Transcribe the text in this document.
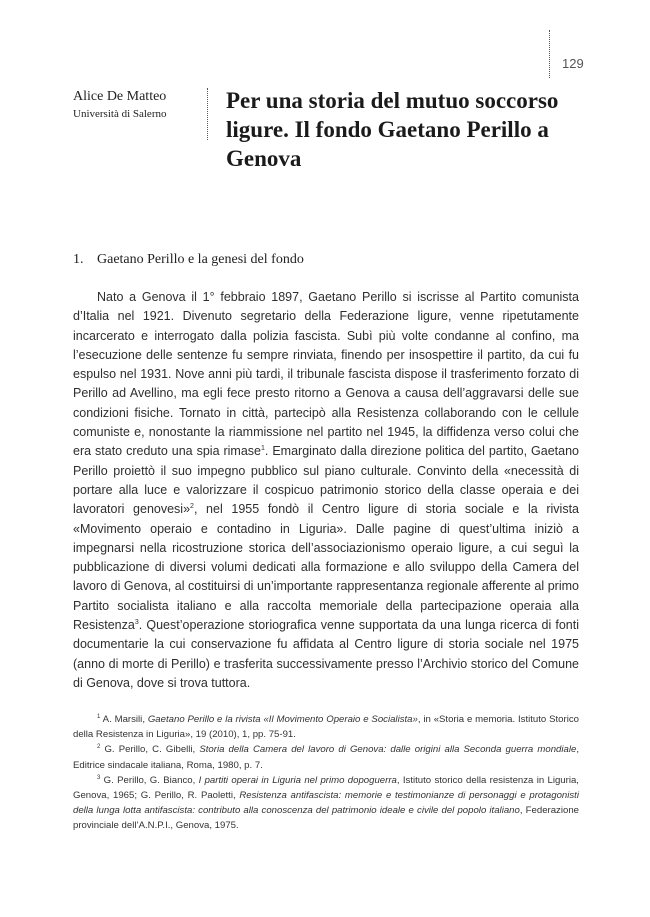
129
Alice De Matteo
Università di Salerno
Per una storia del mutuo soccorso ligure. Il fondo Gaetano Perillo a Genova
1. Gaetano Perillo e la genesi del fondo

Nato a Genova il 1° febbraio 1897, Gaetano Perillo si iscrisse al Partito comunista d’Italia nel 1921. Divenuto segretario della Federazione ligure, venne ripetutamente incarcerato e interrogato dalla polizia fascista. Subì più volte condanne al confino, ma l’esecuzione delle sentenze fu sempre rinviata, finendo per insospettire il partito, da cui fu espulso nel 1931. Nove anni più tardi, il tribunale fascista dispose il trasferimento forzato di Perillo ad Avellino, ma egli fece presto ritorno a Genova a causa dell’aggravarsi delle sue condizioni fisiche. Tornato in città, partecipò alla Resistenza collaborando con le cellule comuniste e, nonostante la riammissione nel partito nel 1945, la diffidenza verso colui che era stato creduto una spia rimase$^1$. Emarginato dalla direzione politica del partito, Gaetano Perillo proiettò il suo impegno pubblico sul piano culturale. Convinto della «necessità di portare alla luce e valorizzare il cospicuo patrimonio storico della classe operaia e dei lavoratori genovesi»$^2$, nel 1955 fondò il Centro ligure di storia sociale e la rivista «Movimento operaio e contadino in Liguria». Dalle pagine di quest’ultima iniziò a impegnarsi nella ricostruzione storica dell’associazionismo operaio ligure, a cui seguì la pubblicazione di diversi volumi dedicati alla formazione e allo sviluppo della Camera del lavoro di Genova, al costituirsi di un’importante rappresentanza regionale afferente al primo Partito socialista italiano e alla raccolta memoriale della partecipazione operaia alla Resistenza$^3$. Quest’operazione storiografica venne supportata da una lunga ricerca di fonti documentarie la cui conservazione fu affidata al Centro ligure di storia sociale nel 1975 (anno di morte di Perillo) e trasferita successivamente presso l’Archivio storico del Comune di Genova, dove si trova tuttora.

$^1$ A. Marsili, Gaetano Perillo e la rivista «Il Movimento Operaio e Socialista», in «Storia e memoria. Istituto Storico della Resistenza in Liguria», 19 (2010), 1, pp. 75-91.

$^2$ G. Perillo, C. Gibelli, Storia della Camera del lavoro di Genova: dalle origini alla Seconda guerra mondiale, Editrice sindacale italiana, Roma, 1980, p. 7.

$^3$ G. Perillo, G. Bianco, I partiti operai in Liguria nel primo dopoguerra, Istituto storico della resistenza in Liguria, Genova, 1965; G. Perillo, R. Paoletti, Resistenza antifascista: memorie e testimonianze di personaggi e protagonisti della lunga lotta antifascista: contributo alla conoscenza del patrimonio ideale e civile del popolo italiano, Federazione provinciale dell’A.N.P.I., Genova, 1975.
